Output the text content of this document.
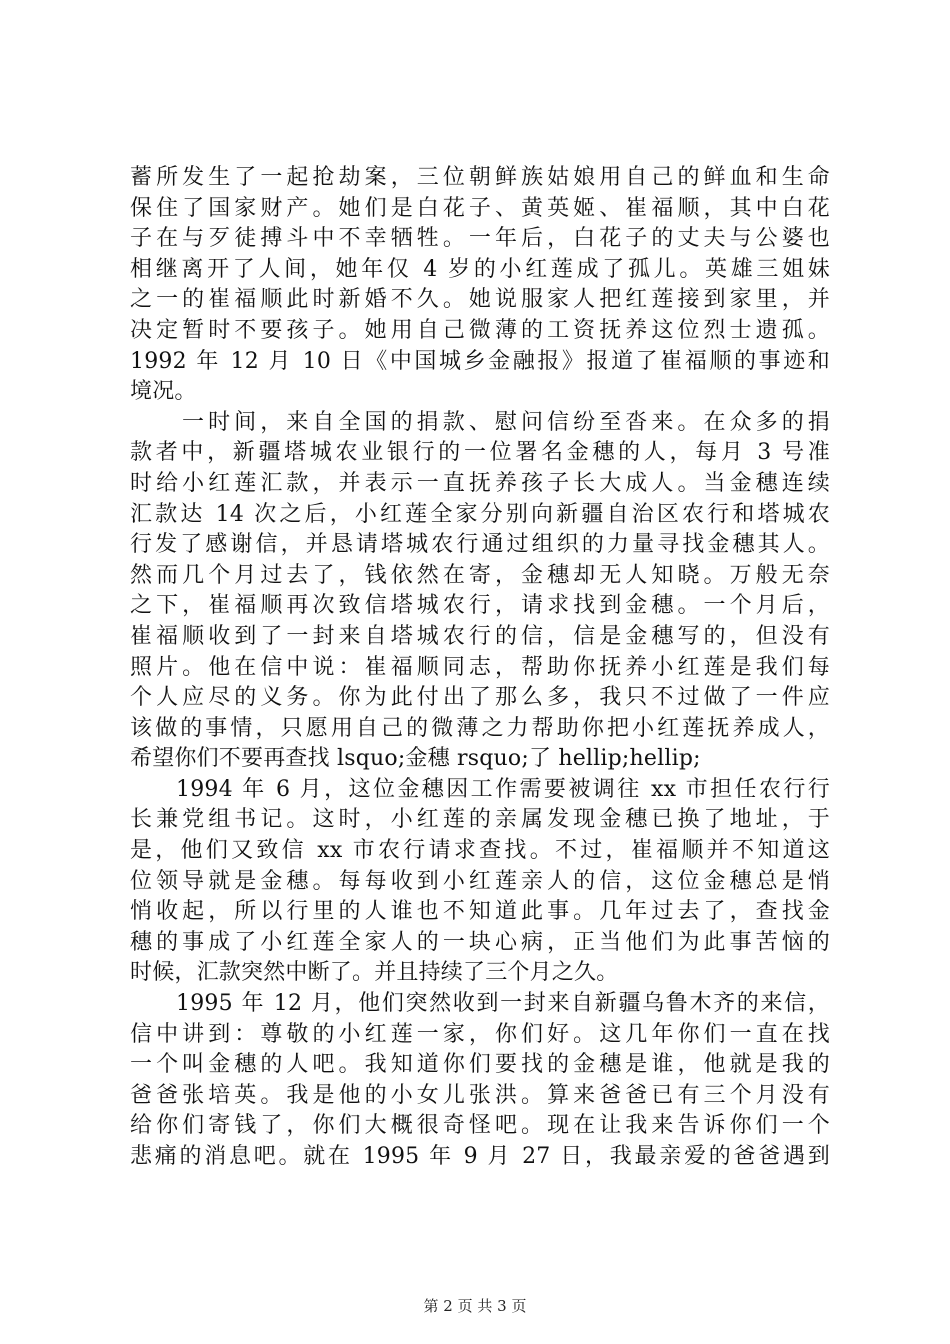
蓄所发生了一起抢劫案，三位朝鲜族姑娘用自己的鲜血和生命
保住了国家财产。她们是白花子、黄英姬、崔福顺，其中白花
子在与歹徒搏斗中不幸牺牲。一年后，白花子的丈夫与公婆也
相继离开了人间，她年仅 4 岁的小红莲成了孤儿。英雄三姐妹
之一的崔福顺此时新婚不久。她说服家人把红莲接到家里，并
决定暂时不要孩子。她用自己微薄的工资抚养这位烈士遗孤。
1992 年 12 月 10 日《中国城乡金融报》报道了崔福顺的事迹和
境况。
一时间，来自全国的捐款、慰问信纷至沓来。在众多的捐
款者中，新疆塔城农业银行的一位署名金穗的人，每月 3 号准
时给小红莲汇款，并表示一直抚养孩子长大成人。当金穗连续
汇款达 14 次之后，小红莲全家分别向新疆自治区农行和塔城农
行发了感谢信，并恳请塔城农行通过组织的力量寻找金穗其人。
然而几个月过去了，钱依然在寄，金穗却无人知晓。万般无奈
之下，崔福顺再次致信塔城农行，请求找到金穗。一个月后，
崔福顺收到了一封来自塔城农行的信，信是金穗写的，但没有
照片。他在信中说：崔福顺同志，帮助你抚养小红莲是我们每
个人应尽的义务。你为此付出了那么多，我只不过做了一件应
该做的事情，只愿用自己的微薄之力帮助你把小红莲抚养成人，
希望你们不要再查找 lsquo;金穗 rsquo;了 hellip;hellip;
1994 年 6 月，这位金穗因工作需要被调往 xx 市担任农行行
长兼党组书记。这时，小红莲的亲属发现金穗已换了地址，于
是，他们又致信 xx 市农行请求查找。不过，崔福顺并不知道这
位领导就是金穗。每每收到小红莲亲人的信，这位金穗总是悄
悄收起，所以行里的人谁也不知道此事。几年过去了，查找金
穗的事成了小红莲全家人的一块心病，正当他们为此事苦恼的
时候，汇款突然中断了。并且持续了三个月之久。
1995 年 12 月，他们突然收到一封来自新疆乌鲁木齐的来信，
信中讲到：尊敬的小红莲一家，你们好。这几年你们一直在找
一个叫金穗的人吧。我知道你们要找的金穗是谁，他就是我的
爸爸张培英。我是他的小女儿张洪。算来爸爸已有三个月没有
给你们寄钱了，你们大概很奇怪吧。现在让我来告诉你们一个
悲痛的消息吧。就在 1995 年 9 月 27 日，我最亲爱的爸爸遇到
第 2 页 共 3 页
